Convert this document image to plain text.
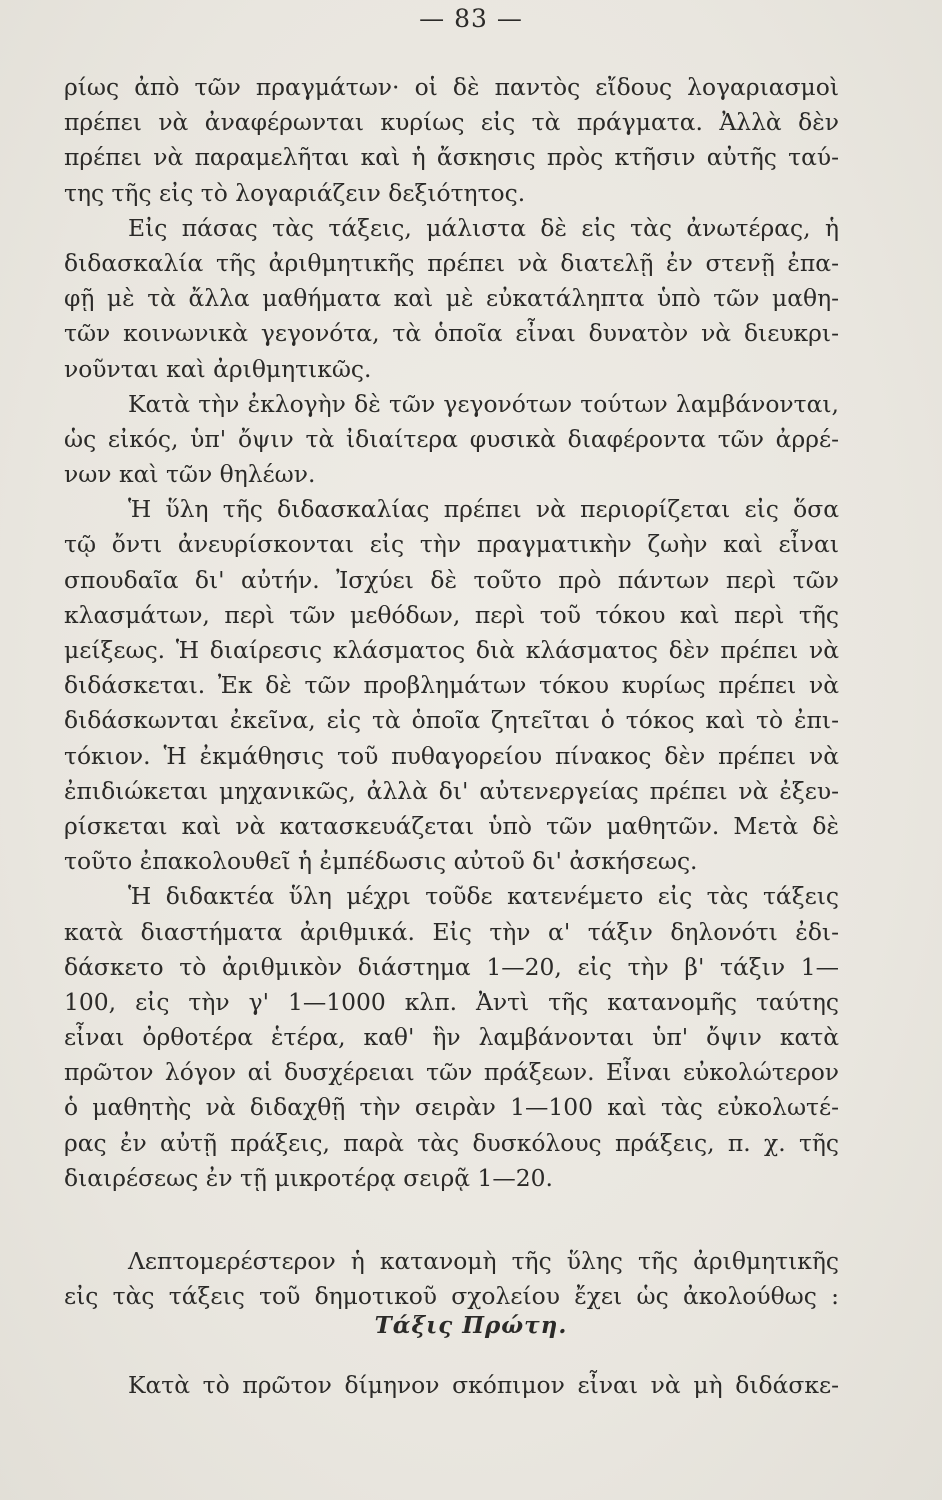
— 83 —
ρίως ἀπὸ τῶν πραγμάτων· οἱ δὲ παντὸς εἴδους λογαριασμοὶ
πρέπει νὰ ἀναφέρωνται κυρίως εἰς τὰ πράγματα. Ἀλλὰ δὲν
πρέπει νὰ παραμελῆται καὶ ἡ ἄσκησις πρὸς κτῆσιν αὐτῆς ταύ-
της τῆς εἰς τὸ λογαριάζειν δεξιότητος.
Εἰς πάσας τὰς τάξεις, μάλιστα δὲ εἰς τὰς ἀνωτέρας, ἡ
διδασκαλία τῆς ἀριθμητικῆς πρέπει νὰ διατελῇ ἐν στενῇ ἐπα-
φῇ μὲ τὰ ἄλλα μαθήματα καὶ μὲ εὐκατάληπτα ὑπὸ τῶν μαθη-
τῶν κοινωνικὰ γεγονότα, τὰ ὁποῖα εἶναι δυνατὸν νὰ διευκρι-
νοῦνται καὶ ἀριθμητικῶς.
Κατὰ τὴν ἐκλογὴν δὲ τῶν γεγονότων τούτων λαμβάνονται,
ὡς εἰκός, ὑπ' ὄψιν τὰ ἰδιαίτερα φυσικὰ διαφέροντα τῶν ἀρρέ-
νων καὶ τῶν θηλέων.
Ἡ ὕλη τῆς διδασκαλίας πρέπει νὰ περιορίζεται εἰς ὅσα
τῷ ὄντι ἀνευρίσκονται εἰς τὴν πραγματικὴν ζωὴν καὶ εἶναι
σπουδαῖα δι' αὐτήν. Ἰσχύει δὲ τοῦτο πρὸ πάντων περὶ τῶν
κλασμάτων, περὶ τῶν μεθόδων, περὶ τοῦ τόκου καὶ περὶ τῆς
μείξεως. Ἡ διαίρεσις κλάσματος διὰ κλάσματος δὲν πρέπει νὰ
διδάσκεται. Ἐκ δὲ τῶν προβλημάτων τόκου κυρίως πρέπει νὰ
διδάσκωνται ἐκεῖνα, εἰς τὰ ὁποῖα ζητεῖται ὁ τόκος καὶ τὸ ἐπι-
τόκιον. Ἡ ἐκμάθησις τοῦ πυθαγορείου πίνακος δὲν πρέπει νὰ
ἐπιδιώκεται μηχανικῶς, ἀλλὰ δι' αὐτενεργείας πρέπει νὰ ἐξευ-
ρίσκεται καὶ νὰ κατασκευάζεται ὑπὸ τῶν μαθητῶν. Μετὰ δὲ
τοῦτο ἐπακολουθεῖ ἡ ἐμπέδωσις αὐτοῦ δι' ἀσκήσεως.
Ἡ διδακτέα ὕλη μέχρι τοῦδε κατενέμετο εἰς τὰς τάξεις
κατὰ διαστήματα ἀριθμικά. Εἰς τὴν α' τάξιν δηλονότι ἐδι-
δάσκετο τὸ ἀριθμικὸν διάστημα 1—20, εἰς τὴν β' τάξιν 1—
100, εἰς τὴν γ' 1—1000 κλπ. Ἀντὶ τῆς κατανομῆς ταύτης
εἶναι ὀρθοτέρα ἑτέρα, καθ' ἣν λαμβάνονται ὑπ' ὄψιν κατὰ
πρῶτον λόγον αἱ δυσχέρειαι τῶν πράξεων. Εἶναι εὐκολώτερον
ὁ μαθητὴς νὰ διδαχθῇ τὴν σειρὰν 1—100 καὶ τὰς εὐκολωτέ-
ρας ἐν αὐτῇ πράξεις, παρὰ τὰς δυσκόλους πράξεις, π. χ. τῆς
διαιρέσεως ἐν τῇ μικροτέρᾳ σειρᾷ 1—20.
Λεπτομερέστερον ἡ κατανομὴ τῆς ὕλης τῆς ἀριθμητικῆς
εἰς τὰς τάξεις τοῦ δημοτικοῦ σχολείου ἔχει ὡς ἀκολούθως :
Τάξις Πρώτη.
Κατὰ τὸ πρῶτον δίμηνον σκόπιμον εἶναι νὰ μὴ διδάσκε-
